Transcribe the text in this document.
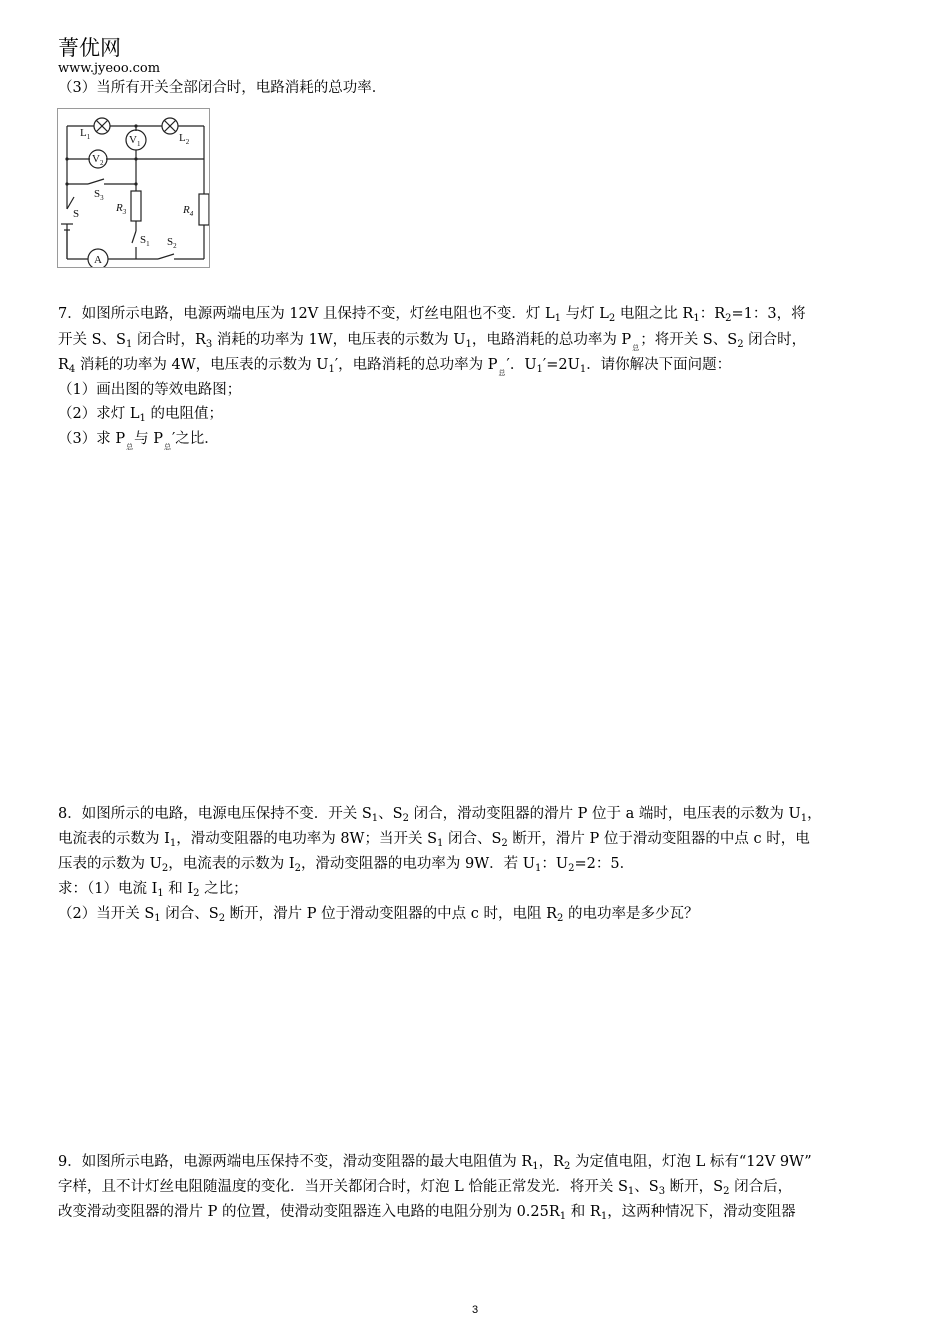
菁优网
www.jyeoo.com
（3）当所有开关全部闭合时，电路消耗的总功率．
$L_1$	$L_2$
$V_1$
$V_2$
$S_3$
S	$R_3$	$R_4$
$S_1$ $S_2$
A
7．如图所示电路，电源两端电压为 12V 且保持不变，灯丝电阻也不变．灯 $L_1$ 与灯 $L_2$ 电阻之比 $R_1$：$R_2=1$：3，将
开关 S、$S_1$ 闭合时，$R_3$ 消耗的功率为 1W，电压表的示数为 $U_1$，电路消耗的总功率为 $P_总$；将开关 S、$S_2$ 闭合时，
$R_4$ 消耗的功率为 4W，电压表的示数为 $U_1'$，电路消耗的总功率为 $P_总'$．$U_1'=2U_1$．请你解决下面问题：
（1）画出图的等效电路图；
（2）求灯 $L_1$ 的电阻值；
（3）求 $P_总$与 $P_总'$之比．
8．如图所示的电路，电源电压保持不变．开关 $S_1$、$S_2$ 闭合，滑动变阻器的滑片 P 位于 a 端时，电压表的示数为 $U_1$，
电流表的示数为 $I_1$，滑动变阻器的电功率为 8W；当开关 $S_1$ 闭合、$S_2$ 断开，滑片 P 位于滑动变阻器的中点 c 时，电
压表的示数为 $U_2$，电流表的示数为 $I_2$，滑动变阻器的电功率为 9W．若 $U_1$：$U_2=2$：5．
求：（1）电流 $I_1$ 和 $I_2$ 之比；
（2）当开关 $S_1$ 闭合、$S_2$ 断开，滑片 P 位于滑动变阻器的中点 c 时，电阻 $R_2$ 的电功率是多少瓦？
9．如图所示电路，电源两端电压保持不变，滑动变阻器的最大电阻值为 $R_1$，$R_2$ 为定值电阻，灯泡 L 标有“12V 9W”
字样，且不计灯丝电阻随温度的变化．当开关都闭合时，灯泡 L 恰能正常发光．将开关 $S_1$、$S_3$ 断开，$S_2$ 闭合后，
改变滑动变阻器的滑片 P 的位置，使滑动变阻器连入电路的电阻分别为 $0.25R_1$ 和 $R_1$，这两种情况下，滑动变阻器
3
